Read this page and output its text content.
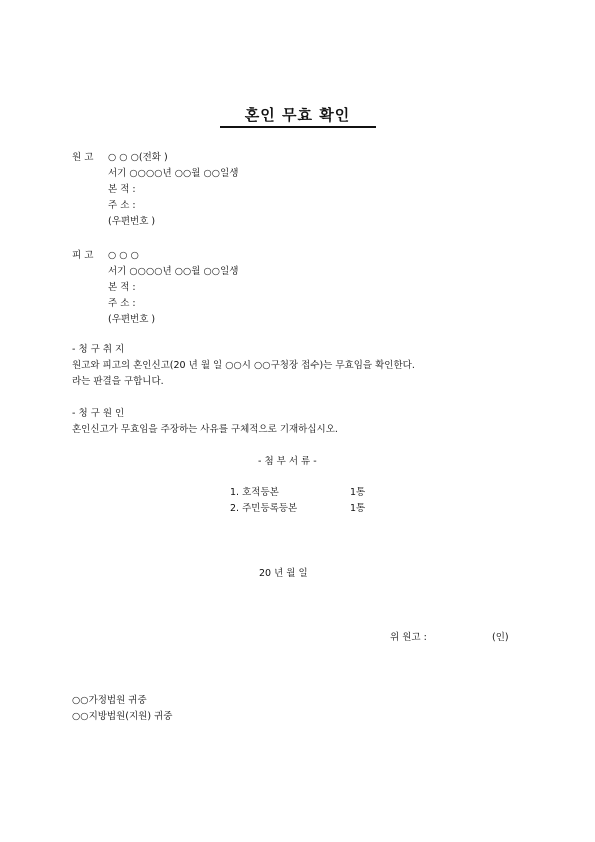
혼인 무효 확인
원 고 ○ ○ ○(전화 )
서기 ○○○○년 ○○월 ○○일생
본 적 :
주 소 :
(우편번호 )
피 고 ○ ○ ○
서기 ○○○○년 ○○월 ○○일생
본 적 :
주 소 :
(우편번호 )
- 청 구 취 지
원고와 피고의 혼인신고(20 년 월 일 ○○시 ○○구청장 접수)는 무효임을 확인한다.
라는 판결을 구합니다.
- 청 구 원 인
혼인신고가 무효임을 주장하는 사유를 구체적으로 기재하십시오.
- 첨 부 서 류 -
1. 호적등본	1통
2. 주민등록등본	1통
20 년 월 일
위 원고 :	(인)
○○가정법원 귀중
○○지방법원(지원) 귀중
